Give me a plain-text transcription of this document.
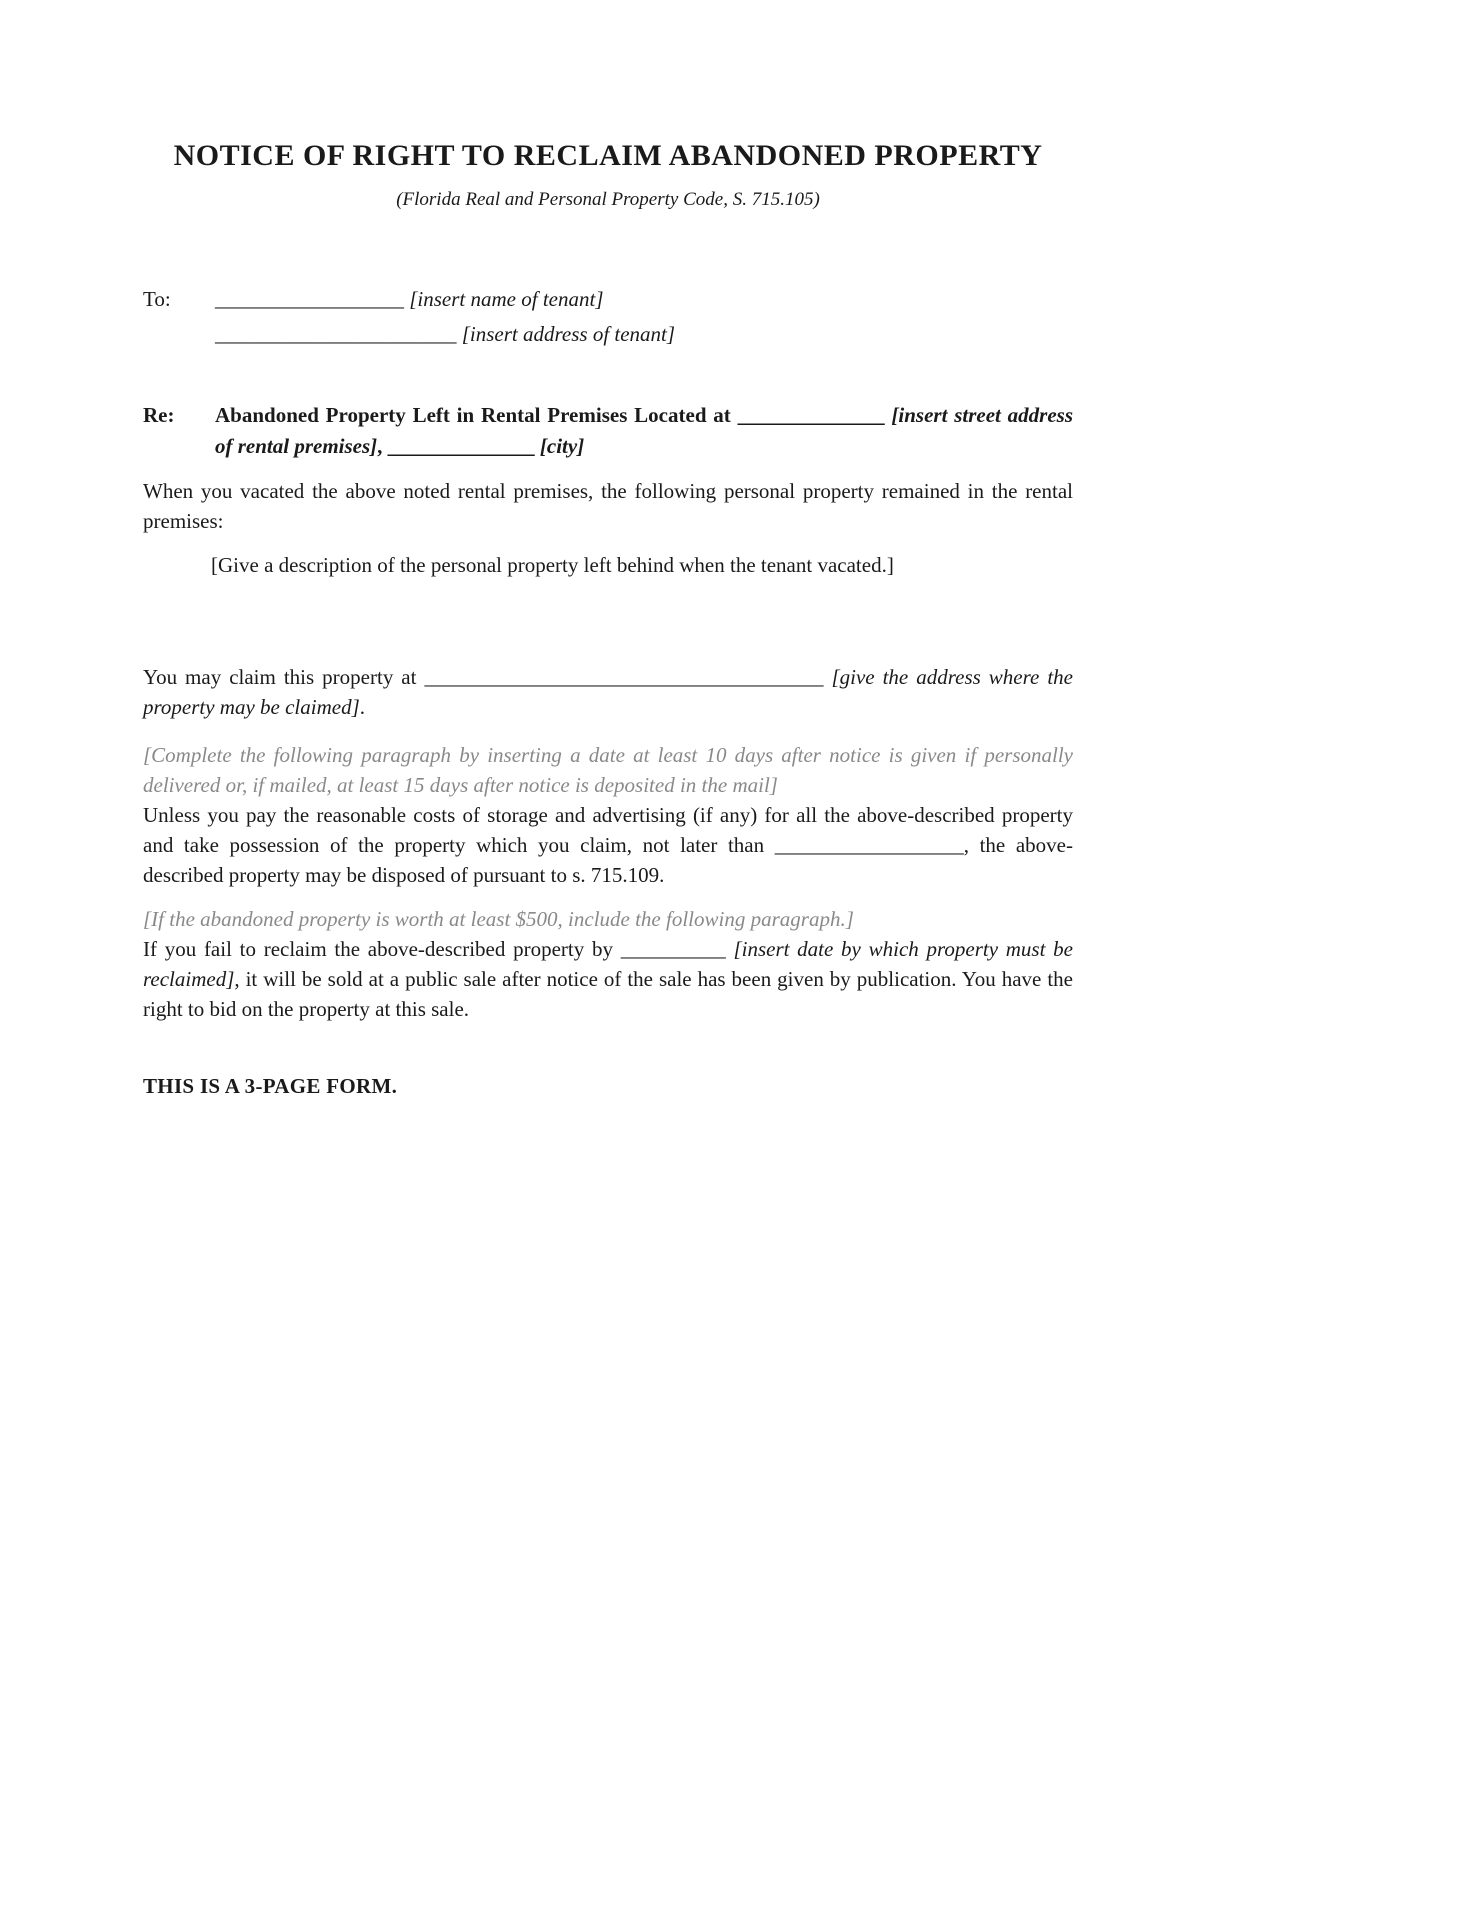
NOTICE OF RIGHT TO RECLAIM ABANDONED PROPERTY
(Florida Real and Personal Property Code, S. 715.105)
To:	__________________ [insert name of tenant]
_______________________ [insert address of tenant]
Re:	Abandoned Property Left in Rental Premises Located at ______________ [insert street address of rental premises], ______________ [city]

When you vacated the above noted rental premises, the following personal property remained in the rental premises:

[Give a description of the personal property left behind when the tenant vacated.]

You may claim this property at ______________________________________ [give the address where the property may be claimed].

[Complete the following paragraph by inserting a date at least 10 days after notice is given if personally delivered or, if mailed, at least 15 days after notice is deposited in the mail]

Unless you pay the reasonable costs of storage and advertising (if any) for all the above-described property and take possession of the property which you claim, not later than __________________, the above-described property may be disposed of pursuant to s. 715.109.

[If the abandoned property is worth at least $500, include the following paragraph.]

If you fail to reclaim the above-described property by __________ [insert date by which property must be reclaimed], it will be sold at a public sale after notice of the sale has been given by publication. You have the right to bid on the property at this sale.

THIS IS A 3-PAGE FORM.
